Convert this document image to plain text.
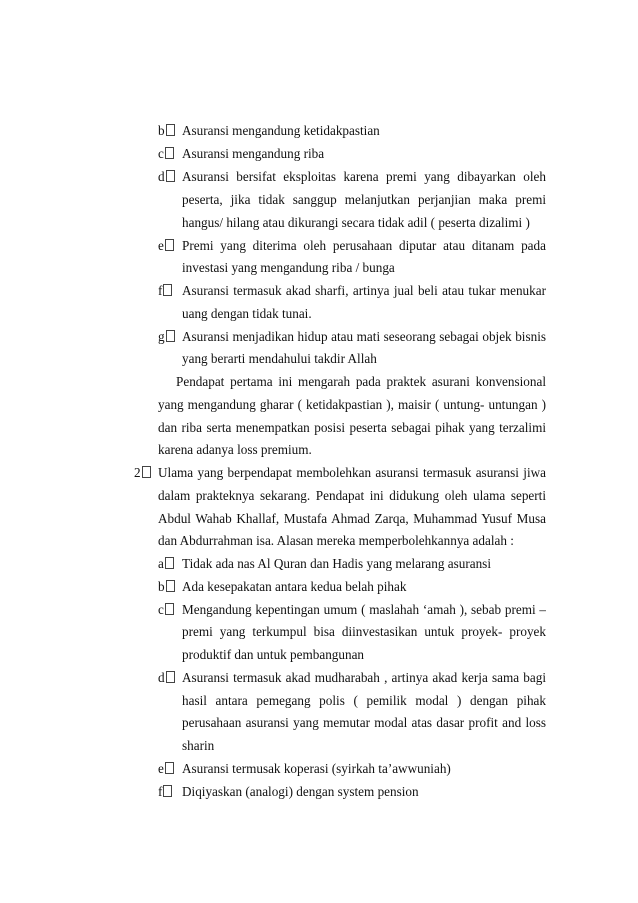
b	Asuransi mengandung ketidakpastian
c	Asuransi mengandung riba
d	Asuransi bersifat eksploitas karena premi yang dibayarkan oleh
peserta, jika tidak sanggup melanjutkan perjanjian maka premi
hangus/ hilang atau dikurangi secara tidak adil ( peserta dizalimi )
e	Premi yang diterima oleh perusahaan diputar atau ditanam pada
investasi yang mengandung riba / bunga
f	Asuransi termasuk akad sharfi, artinya jual beli atau tukar menukar
uang dengan tidak tunai.
g	Asuransi menjadikan hidup atau mati seseorang sebagai objek bisnis
yang berarti mendahului takdir Allah
Pendapat pertama ini mengarah pada praktek asurani konvensional
yang mengandung gharar ( ketidakpastian ), maisir ( untung- untungan )
dan riba serta menempatkan posisi peserta sebagai pihak yang terzalimi
karena adanya loss premium.
2	Ulama yang berpendapat membolehkan asuransi termasuk asuransi jiwa
dalam prakteknya sekarang. Pendapat ini didukung oleh ulama seperti
Abdul Wahab Khallaf, Mustafa Ahmad Zarqa, Muhammad Yusuf Musa
dan Abdurrahman isa. Alasan mereka memperbolehkannya adalah :
a	Tidak ada nas Al Quran dan Hadis yang melarang asuransi
b	Ada kesepakatan antara kedua belah pihak
c	Mengandung kepentingan umum ( maslahah ‘amah ), sebab premi –
premi yang terkumpul bisa diinvestasikan untuk proyek- proyek
produktif dan untuk pembangunan
d	Asuransi termasuk akad mudharabah , artinya akad kerja sama bagi
hasil antara pemegang polis ( pemilik modal ) dengan pihak
perusahaan asuransi yang memutar modal atas dasar profit and loss
sharin
e	Asuransi termusak koperasi (syirkah ta’awwuniah)
f	Diqiyaskan (analogi) dengan system pension
